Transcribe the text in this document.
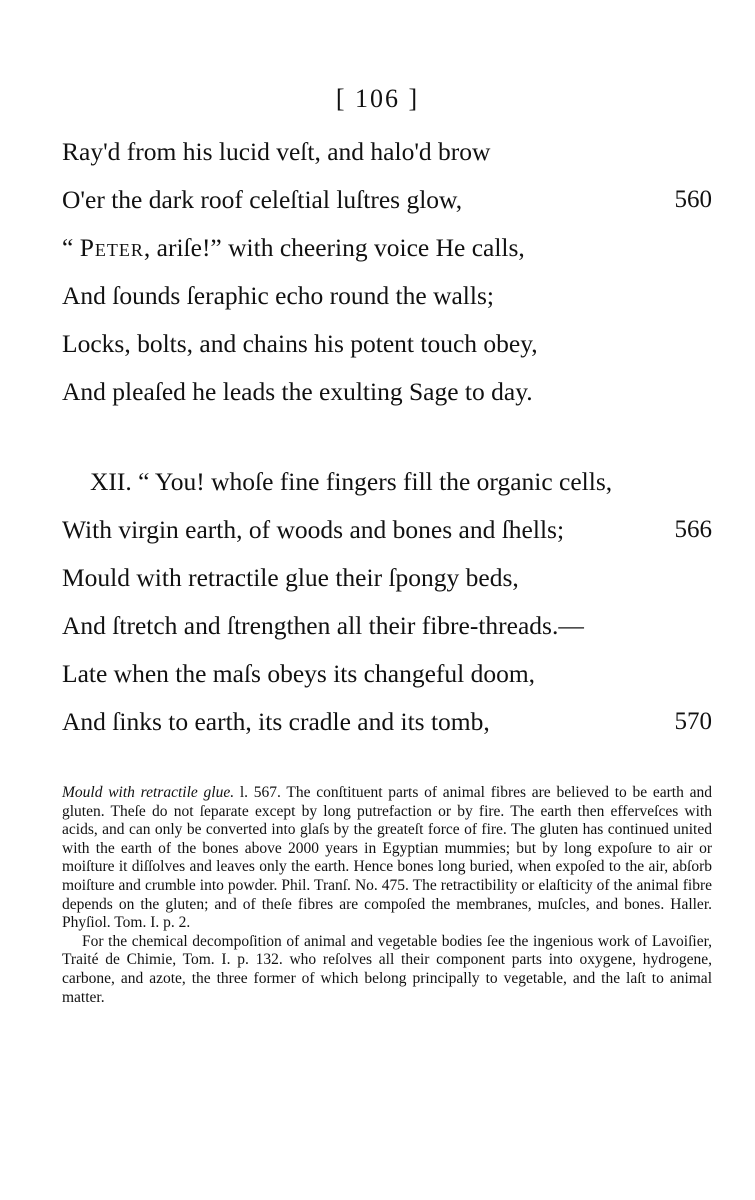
[ 106 ]
Ray'd from his lucid veſt, and halo'd brow
O'er the dark roof celeſtial luſtres glow,	560
“ Peter, ariſe!” with cheering voice He calls,
And ſounds ſeraphic echo round the walls;
Locks, bolts, and chains his potent touch obey,
And pleaſed he leads the exulting Sage to day.
XII. “ You! whoſe fine fingers fill the organic cells,
With virgin earth, of woods and bones and ſhells;	566
Mould with retractile glue their ſpongy beds,
And ſtretch and ſtrengthen all their fibre-threads.—
Late when the maſs obeys its changeful doom,
And ſinks to earth, its cradle and its tomb,	570

Mould with retractile glue. l. 567. The conſtituent parts of animal fibres are believed to be earth and gluten. Theſe do not ſeparate except by long putrefaction or by fire. The earth then efferveſces with acids, and can only be converted into glaſs by the greateſt force of fire. The gluten has continued united with the earth of the bones above 2000 years in Egyptian mummies; but by long expoſure to air or moiſture it diſſolves and leaves only the earth. Hence bones long buried, when expoſed to the air, abſorb moiſture and crumble into powder. Phil. Tranſ. No. 475. The retractibility or elaſticity of the animal fibre depends on the gluten; and of theſe fibres are compoſed the membranes, muſcles, and bones. Haller. Phyſiol. Tom. I. p. 2.

For the chemical decompoſition of animal and vegetable bodies ſee the ingenious work of Lavoiſier, Traité de Chimie, Tom. I. p. 132. who reſolves all their component parts into oxygene, hydrogene, carbone, and azote, the three former of which belong principally to vegetable, and the laſt to animal matter.
